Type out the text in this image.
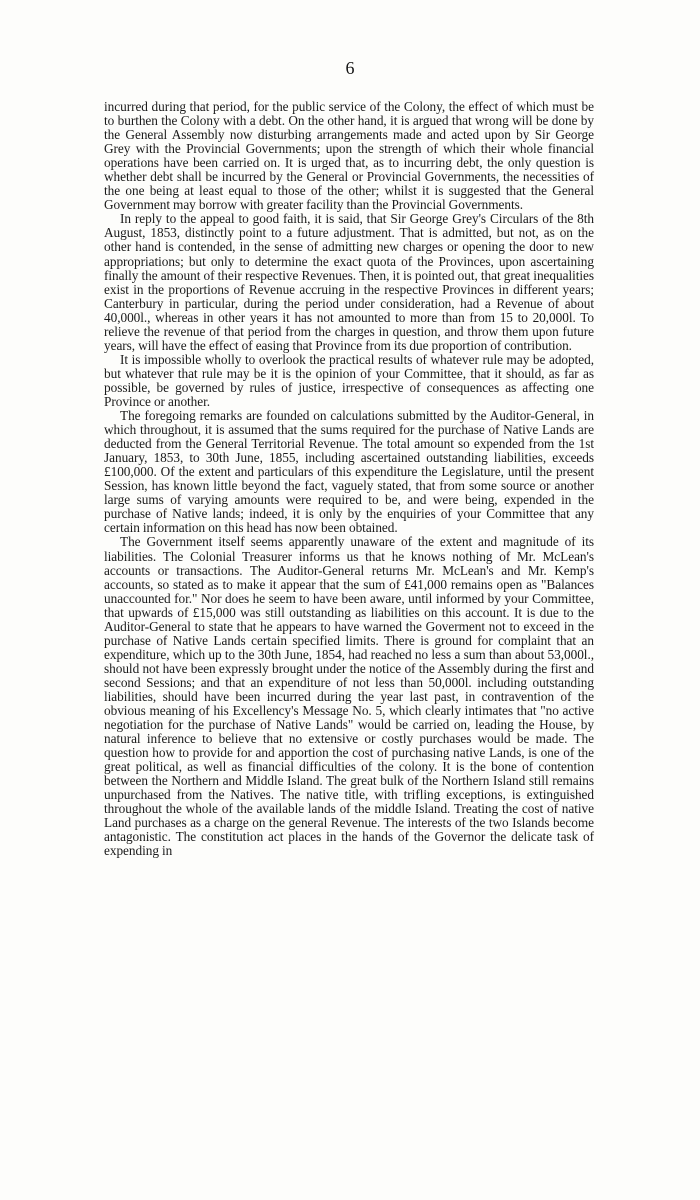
6

incurred during that period, for the public service of the Colony, the effect of which must be to burthen the Colony with a debt. On the other hand, it is argued that wrong will be done by the General Assembly now disturbing arrangements made and acted upon by Sir George Grey with the Provincial Governments; upon the strength of which their whole financial operations have been carried on. It is urged that, as to incurring debt, the only question is whether debt shall be incurred by the General or Provincial Governments, the necessities of the one being at least equal to those of the other; whilst it is suggested that the General Government may borrow with greater facility than the Provincial Governments.

In reply to the appeal to good faith, it is said, that Sir George Grey's Circulars of the 8th August, 1853, distinctly point to a future adjustment. That is admitted, but not, as on the other hand is contended, in the sense of admitting new charges or opening the door to new appropriations; but only to determine the exact quota of the Provinces, upon ascertaining finally the amount of their respective Revenues. Then, it is pointed out, that great inequalities exist in the proportions of Revenue accruing in the respective Provinces in different years; Canterbury in particular, during the period under consideration, had a Revenue of about 40,000l., whereas in other years it has not amounted to more than from 15 to 20,000l. To relieve the revenue of that period from the charges in question, and throw them upon future years, will have the effect of easing that Province from its due proportion of contribution.

It is impossible wholly to overlook the practical results of whatever rule may be adopted, but whatever that rule may be it is the opinion of your Committee, that it should, as far as possible, be governed by rules of justice, irrespective of consequences as affecting one Province or another.

The foregoing remarks are founded on calculations submitted by the Auditor-General, in which throughout, it is assumed that the sums required for the purchase of Native Lands are deducted from the General Territorial Revenue. The total amount so expended from the 1st January, 1853, to 30th June, 1855, including ascertained outstanding liabilities, exceeds £100,000. Of the extent and particulars of this expenditure the Legislature, until the present Session, has known little beyond the fact, vaguely stated, that from some source or another large sums of varying amounts were required to be, and were being, expended in the purchase of Native lands; indeed, it is only by the enquiries of your Committee that any certain information on this head has now been obtained.

The Government itself seems apparently unaware of the extent and magnitude of its liabilities. The Colonial Treasurer informs us that he knows nothing of Mr. McLean's accounts or transactions. The Auditor-General returns Mr. McLean's and Mr. Kemp's accounts, so stated as to make it appear that the sum of £41,000 remains open as "Balances unaccounted for." Nor does he seem to have been aware, until informed by your Committee, that upwards of £15,000 was still outstanding as liabilities on this account. It is due to the Auditor-General to state that he appears to have warned the Goverment not to exceed in the purchase of Native Lands certain specified limits. There is ground for complaint that an expenditure, which up to the 30th June, 1854, had reached no less a sum than about 53,000l., should not have been expressly brought under the notice of the Assembly during the first and second Sessions; and that an expenditure of not less than 50,000l. including outstanding liabilities, should have been incurred during the year last past, in contravention of the obvious meaning of his Excellency's Message No. 5, which clearly intimates that "no active negotiation for the purchase of Native Lands" would be carried on, leading the House, by natural inference to believe that no extensive or costly purchases would be made. The question how to provide for and apportion the cost of purchasing native Lands, is one of the great political, as well as financial difficulties of the colony. It is the bone of contention between the Northern and Middle Island. The great bulk of the Northern Island still remains unpurchased from the Natives. The native title, with trifling exceptions, is extinguished throughout the whole of the available lands of the middle Island. Treating the cost of native Land purchases as a charge on the general Revenue. The interests of the two Islands become antagonistic. The constitution act places in the hands of the Governor the delicate task of expending in
